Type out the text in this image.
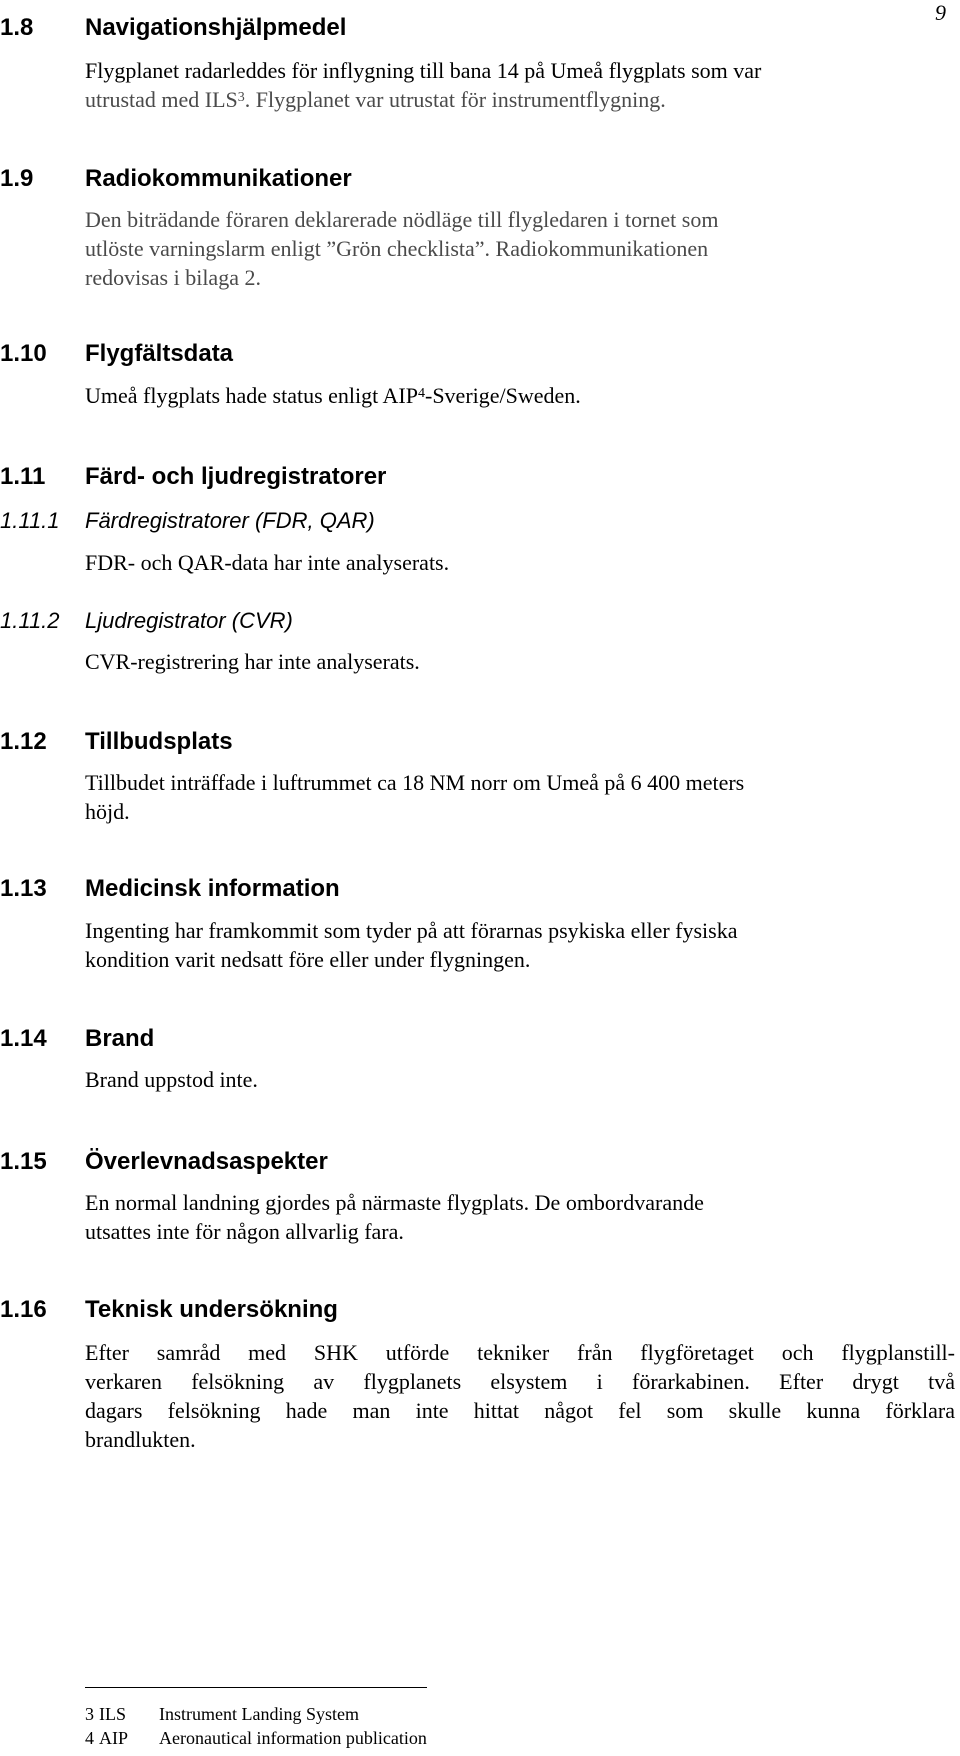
9
1.8 Navigationshjälpmedel
Flygplanet radarleddes för inflygning till bana 14 på Umeå flygplats som var
utrustad med ILS$^3$. Flygplanet var utrustat för instrumentflygning.
1.9 Radiokommunikationer
Den biträdande föraren deklarerade nödläge till flygledaren i tornet som
utlöste varningslarm enligt ”Grön checklista”. Radiokommunikationen
redovisas i bilaga 2.
1.10 Flygfältsdata
Umeå flygplats hade status enligt AIP$^4$-Sverige/Sweden.
1.11 Färd- och ljudregistratorer
1.11.1 Färdregistratorer (FDR, QAR)
FDR- och QAR-data har inte analyserats.
1.11.2 Ljudregistrator (CVR)
CVR-registrering har inte analyserats.
1.12 Tillbudsplats
Tillbudet inträffade i luftrummet ca 18 NM norr om Umeå på 6 400 meters
höjd.
1.13 Medicinsk information
Ingenting har framkommit som tyder på att förarnas psykiska eller fysiska
kondition varit nedsatt före eller under flygningen.
1.14 Brand
Brand uppstod inte.
1.15 Överlevnadsaspekter
En normal landning gjordes på närmaste flygplats. De ombordvarande
utsattes inte för någon allvarlig fara.
1.16 Teknisk undersökning
Efter samråd med SHK utförde tekniker från flygföretaget och flygplanstill-
verkaren felsökning av flygplanets elsystem i förarkabinen. Efter drygt två
dagars felsökning hade man inte hittat något fel som skulle kunna förklara
brandlukten.
3 ILS Instrument Landing System
4 AIP Aeronautical information publication
